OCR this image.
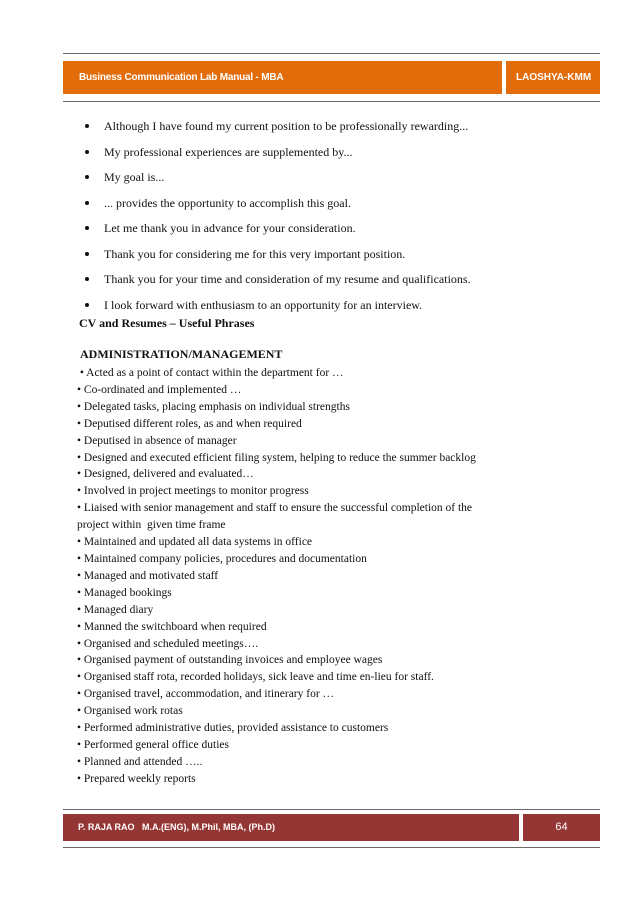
Business Communication Lab Manual - MBA	LAOSHYA-KMM
Although I have found my current position to be professionally rewarding...
My professional experiences are supplemented by...
My goal is...
... provides the opportunity to accomplish this goal.
Let me thank you in advance for your consideration.
Thank you for considering me for this very important position.
Thank you for your time and consideration of my resume and qualifications.
I look forward with enthusiasm to an opportunity for an interview.
CV and Resumes – Useful Phrases
ADMINISTRATION/MANAGEMENT
• Acted as a point of contact within the department for …
• Co-ordinated and implemented …
• Delegated tasks, placing emphasis on individual strengths
• Deputised different roles, as and when required
• Deputised in absence of manager
• Designed and executed efficient filing system, helping to reduce the summer backlog
• Designed, delivered and evaluated…
• Involved in project meetings to monitor progress
• Liaised with senior management and staff to ensure the successful completion of the
project within  given time frame
• Maintained and updated all data systems in office
• Maintained company policies, procedures and documentation
• Managed and motivated staff
• Managed bookings
• Managed diary
• Manned the switchboard when required
• Organised and scheduled meetings….
• Organised payment of outstanding invoices and employee wages
• Organised staff rota, recorded holidays, sick leave and time en-lieu for staff.
• Organised travel, accommodation, and itinerary for …
• Organised work rotas
• Performed administrative duties, provided assistance to customers
• Performed general office duties
• Planned and attended …..
• Prepared weekly reports
P. RAJA RAO   M.A.(ENG), M.Phil, MBA, (Ph.D)	64
